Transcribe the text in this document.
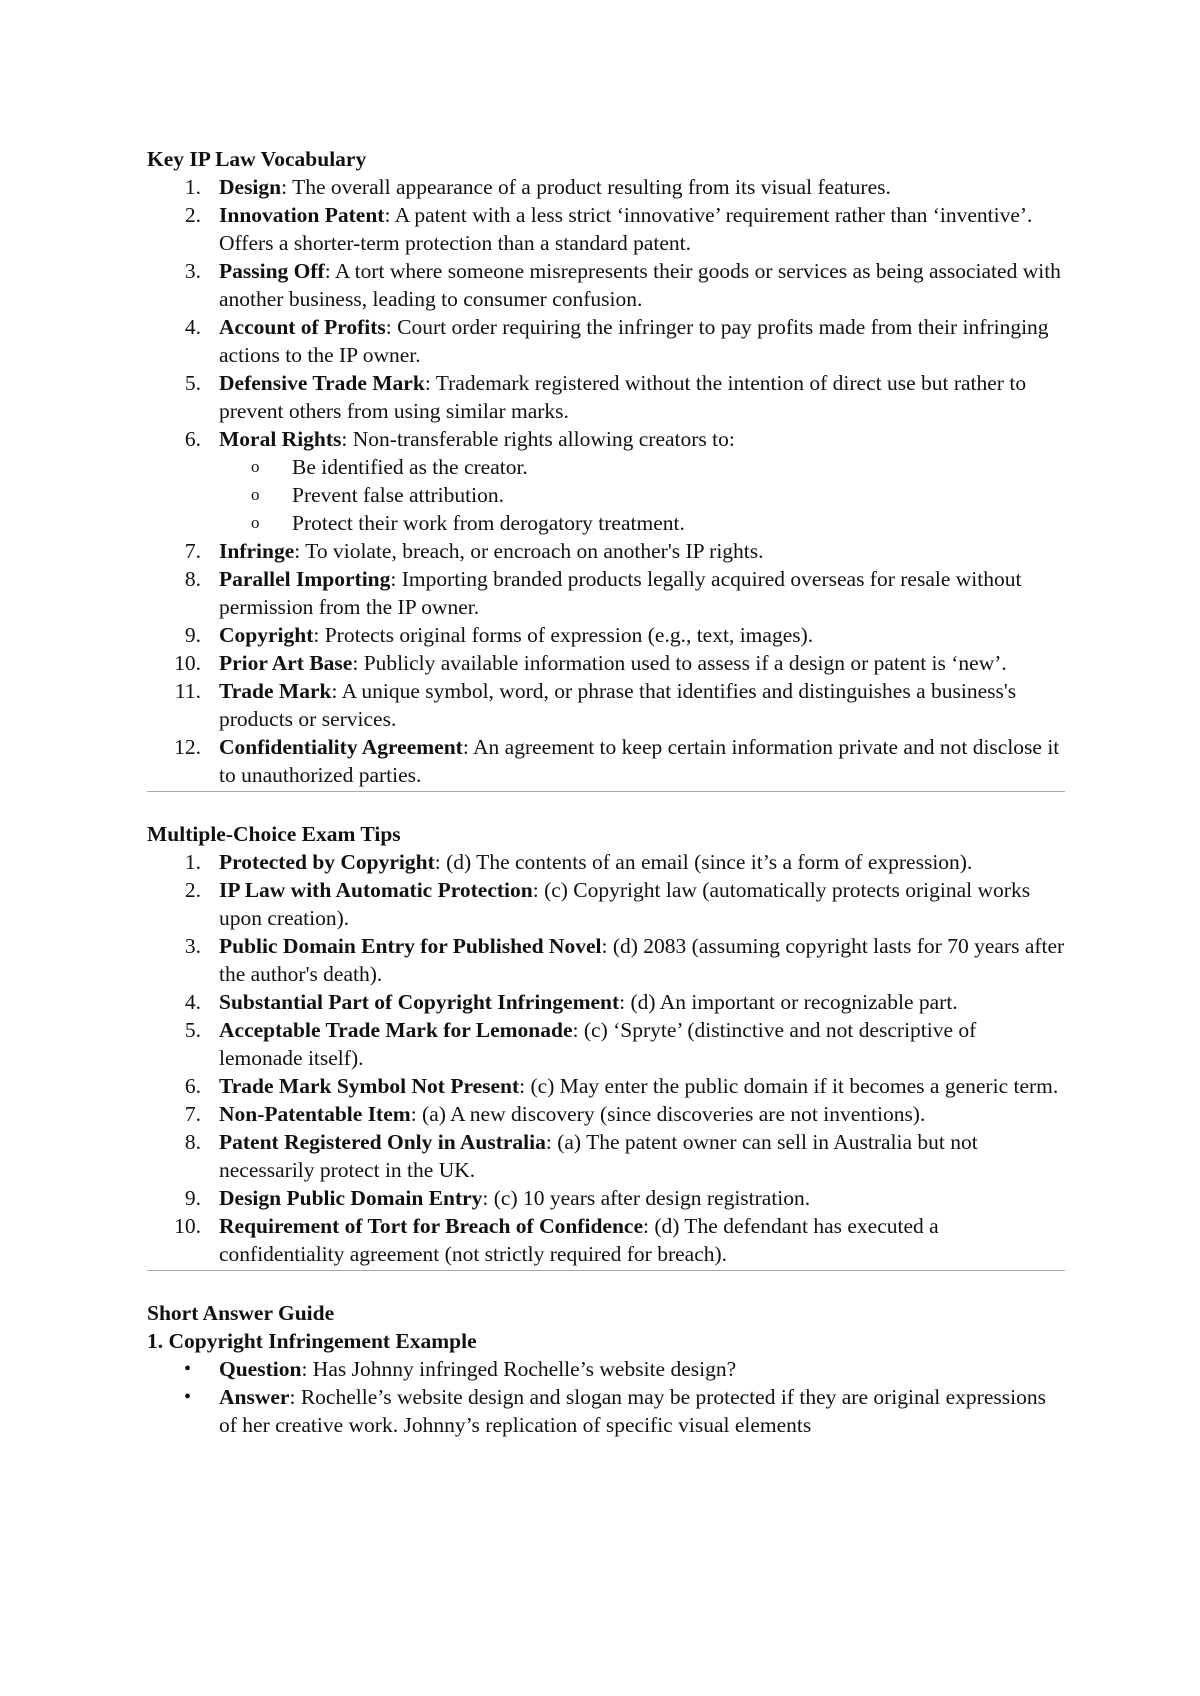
Key IP Law Vocabulary
1. Design: The overall appearance of a product resulting from its visual features.
2. Innovation Patent: A patent with a less strict ‘innovative’ requirement rather than ‘inventive’. Offers a shorter-term protection than a standard patent.
3. Passing Off: A tort where someone misrepresents their goods or services as being associated with another business, leading to consumer confusion.
4. Account of Profits: Court order requiring the infringer to pay profits made from their infringing actions to the IP owner.
5. Defensive Trade Mark: Trademark registered without the intention of direct use but rather to prevent others from using similar marks.
6. Moral Rights: Non-transferable rights allowing creators to:
o Be identified as the creator.
o Prevent false attribution.
o Protect their work from derogatory treatment.
7. Infringe: To violate, breach, or encroach on another's IP rights.
8. Parallel Importing: Importing branded products legally acquired overseas for resale without permission from the IP owner.
9. Copyright: Protects original forms of expression (e.g., text, images).
10. Prior Art Base: Publicly available information used to assess if a design or patent is ‘new’.
11. Trade Mark: A unique symbol, word, or phrase that identifies and distinguishes a business's products or services.
12. Confidentiality Agreement: An agreement to keep certain information private and not disclose it to unauthorized parties.
Multiple-Choice Exam Tips
1. Protected by Copyright: (d) The contents of an email (since it’s a form of expression).
2. IP Law with Automatic Protection: (c) Copyright law (automatically protects original works upon creation).
3. Public Domain Entry for Published Novel: (d) 2083 (assuming copyright lasts for 70 years after the author's death).
4. Substantial Part of Copyright Infringement: (d) An important or recognizable part.
5. Acceptable Trade Mark for Lemonade: (c) ‘Spryte’ (distinctive and not descriptive of lemonade itself).
6. Trade Mark Symbol Not Present: (c) May enter the public domain if it becomes a generic term.
7. Non-Patentable Item: (a) A new discovery (since discoveries are not inventions).
8. Patent Registered Only in Australia: (a) The patent owner can sell in Australia but not necessarily protect in the UK.
9. Design Public Domain Entry: (c) 10 years after design registration.
10. Requirement of Tort for Breach of Confidence: (d) The defendant has executed a confidentiality agreement (not strictly required for breach).
Short Answer Guide
1. Copyright Infringement Example
• Question: Has Johnny infringed Rochelle’s website design?
• Answer: Rochelle’s website design and slogan may be protected if they are original expressions of her creative work. Johnny’s replication of specific visual elements
